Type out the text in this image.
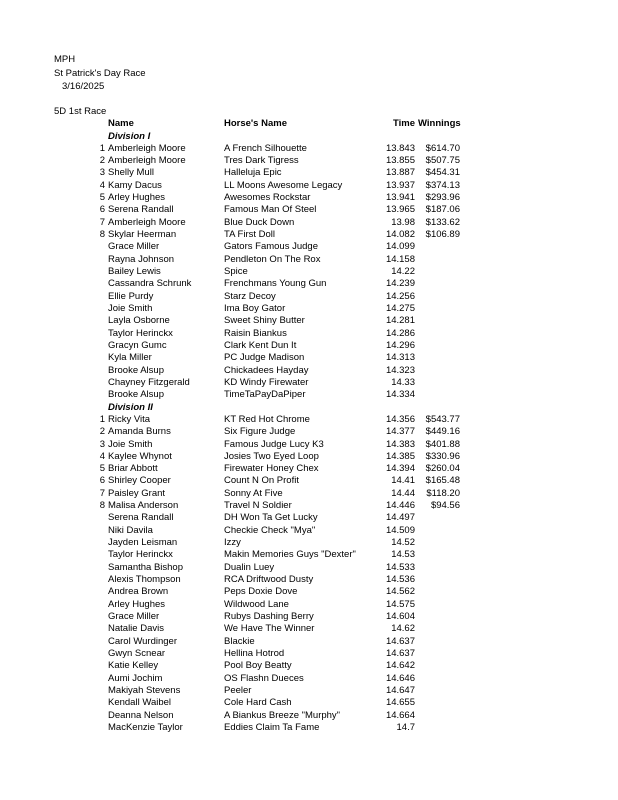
MPH
St Patrick's Day Race
3/16/2025
5D 1st Race
Name	Horse's Name	Time Winnings
Division I
1 Amberleigh Moore	A French Silhouette	13.843	$614.70
2 Amberleigh Moore	Tres Dark Tigress	13.855	$507.75
3 Shelly Mull	Halleluja Epic	13.887	$454.31
4 Kamy Dacus	LL Moons Awesome Legacy	13.937	$374.13
5 Arley Hughes	Awesomes Rockstar	13.941	$293.96
6 Serena Randall	Famous Man Of Steel	13.965	$187.06
7 Amberleigh Moore	Blue Duck Down	13.98	$133.62
8 Skylar Heerman	TA First Doll	14.082	$106.89
Grace Miller	Gators Famous Judge	14.099
Rayna Johnson	Pendleton On The Rox	14.158
Bailey Lewis	Spice	14.22
Cassandra Schrunk	Frenchmans Young Gun	14.239
Ellie Purdy	Starz Decoy	14.256
Joie Smith	Ima Boy Gator	14.275
Layla Osborne	Sweet Shiny Butter	14.281
Taylor Herinckx	Raisin Biankus	14.286
Gracyn Gumc	Clark Kent Dun It	14.296
Kyla Miller	PC Judge Madison	14.313
Brooke Alsup	Chickadees Hayday	14.323
Chayney Fitzgerald	KD Windy Firewater	14.33
Brooke Alsup	TimeTaPayDaPiper	14.334
Division II
1 Ricky Vita	KT Red Hot Chrome	14.356	$543.77
2 Amanda Burns	Six Figure Judge	14.377	$449.16
3 Joie Smith	Famous Judge Lucy K3	14.383	$401.88
4 Kaylee Whynot	Josies Two Eyed Loop	14.385	$330.96
5 Briar Abbott	Firewater Honey Chex	14.394	$260.04
6 Shirley Cooper	Count N On Profit	14.41	$165.48
7 Paisley Grant	Sonny At Five	14.44	$118.20
8 Malisa Anderson	Travel N Soldier	14.446	$94.56
Serena Randall	DH Won Ta Get Lucky	14.497
Niki Davila	Checkie Check "Mya"	14.509
Jayden Leisman	Izzy	14.52
Taylor Herinckx	Makin Memories Guys "Dexter"	14.53
Samantha Bishop	Dualin Luey	14.533
Alexis Thompson	RCA Driftwood Dusty	14.536
Andrea Brown	Peps Doxie Dove	14.562
Arley Hughes	Wildwood Lane	14.575
Grace Miller	Rubys Dashing Berry	14.604
Natalie Davis	We Have The Winner	14.62
Carol Wurdinger	Blackie	14.637
Gwyn Scnear	Hellina Hotrod	14.637
Katie Kelley	Pool Boy Beatty	14.642
Aumi Jochim	OS Flashn Dueces	14.646
Makiyah Stevens	Peeler	14.647
Kendall Waibel	Cole Hard Cash	14.655
Deanna Nelson	A Biankus Breeze "Murphy"	14.664
MacKenzie Taylor	Eddies Claim Ta Fame	14.7
